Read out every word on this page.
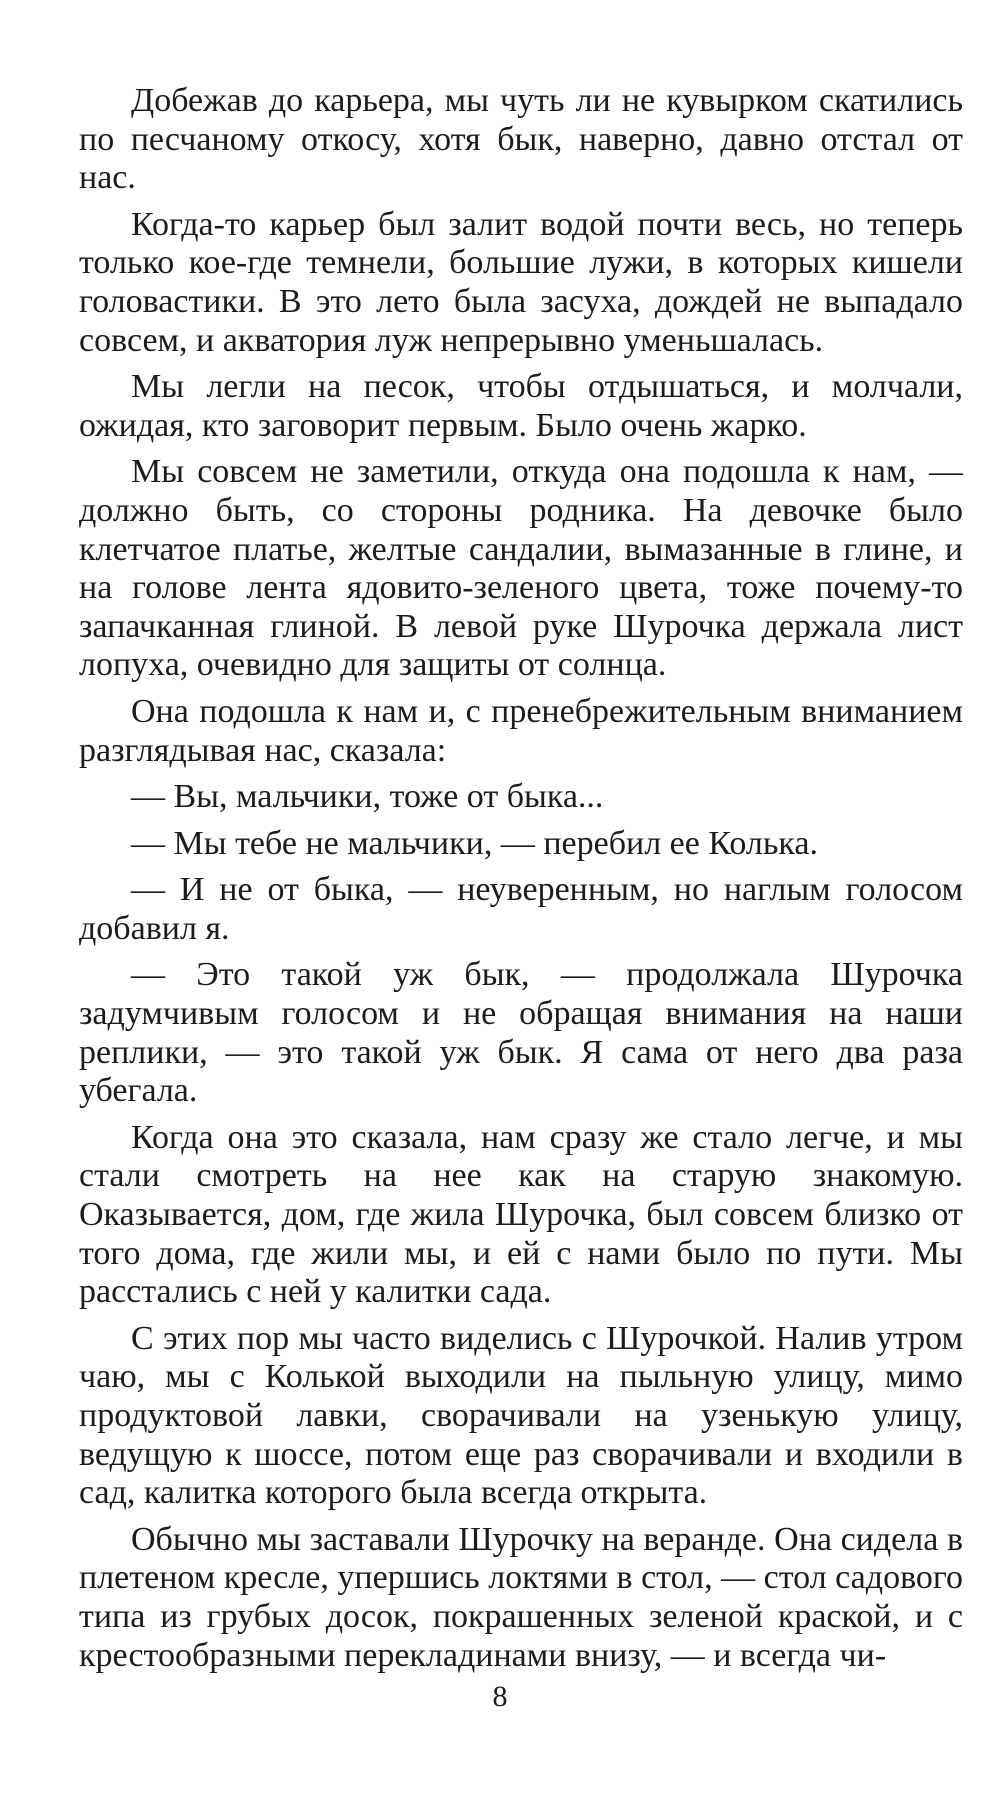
Добежав до карьера, мы чуть ли не кувырком скатились по песчаному откосу, хотя бык, наверно, давно отстал от нас.

Когда-то карьер был залит водой почти весь, но теперь только кое-где темнели, большие лужи, в которых кишели головастики. В это лето была засуха, дождей не выпадало совсем, и акватория луж непрерывно уменьшалась.

Мы легли на песок, чтобы отдышаться, и молчали, ожидая, кто заговорит первым. Было очень жарко.

Мы совсем не заметили, откуда она подошла к нам, — должно быть, со стороны родника. На девочке было клетчатое платье, желтые сандалии, вымазанные в глине, и на голове лента ядовито-зеленого цвета, тоже почему-то запачканная глиной. В левой руке Шурочка держала лист лопуха, очевидно для защиты от солнца.

Она подошла к нам и, с пренебрежительным вниманием разглядывая нас, сказала:

— Вы, мальчики, тоже от быка...

— Мы тебе не мальчики, — перебил ее Колька.

— И не от быка, — неуверенным, но наглым голосом добавил я.

— Это такой уж бык, — продолжала Шурочка задумчивым голосом и не обращая внимания на наши реплики, — это такой уж бык. Я сама от него два раза убегала.

Когда она это сказала, нам сразу же стало легче, и мы стали смотреть на нее как на старую знакомую. Оказывается, дом, где жила Шурочка, был совсем близко от того дома, где жили мы, и ей с нами было по пути. Мы расстались с ней у калитки сада.

С этих пор мы часто виделись с Шурочкой. Налив утром чаю, мы с Колькой выходили на пыльную улицу, мимо продуктовой лавки, сворачивали на узенькую улицу, ведущую к шоссе, потом еще раз сворачивали и входили в сад, калитка которого была всегда открыта.

Обычно мы заставали Шурочку на веранде. Она сидела в плетеном кресле, упершись локтями в стол, — стол садового типа из грубых досок, покрашенных зеленой краской, и с крестообразными перекладинами внизу, — и всегда чи-

8
